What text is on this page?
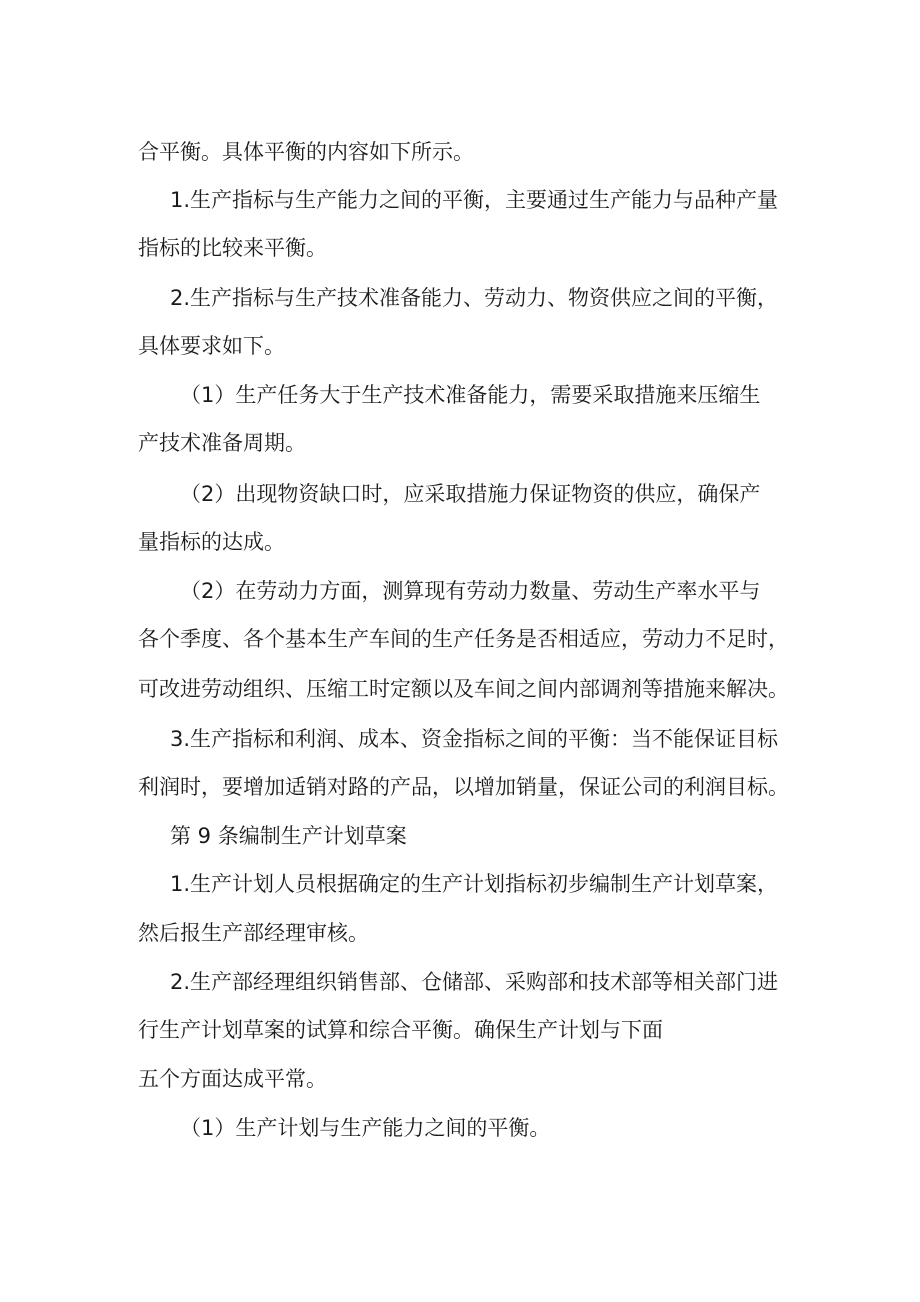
合平衡。具体平衡的内容如下所示。
1.生产指标与生产能力之间的平衡，主要通过生产能力与品种产量
指标的比较来平衡。
2.生产指标与生产技术准备能力、劳动力、物资供应之间的平衡，
具体要求如下。
（1）生产任务大于生产技术准备能力，需要采取措施来压缩生
产技术准备周期。
（2）出现物资缺口时，应采取措施力保证物资的供应，确保产
量指标的达成。
（2）在劳动力方面，测算现有劳动力数量、劳动生产率水平与
各个季度、各个基本生产车间的生产任务是否相适应，劳动力不足时，
可改进劳动组织、压缩工时定额以及车间之间内部调剂等措施来解决。
3.生产指标和利润、成本、资金指标之间的平衡：当不能保证目标
利润时，要增加适销对路的产品，以增加销量，保证公司的利润目标。
第 9 条编制生产计划草案
1.生产计划人员根据确定的生产计划指标初步编制生产计划草案，
然后报生产部经理审核。
2.生产部经理组织销售部、仓储部、采购部和技术部等相关部门进
行生产计划草案的试算和综合平衡。确保生产计划与下面
五个方面达成平常。
（1）生产计划与生产能力之间的平衡。
